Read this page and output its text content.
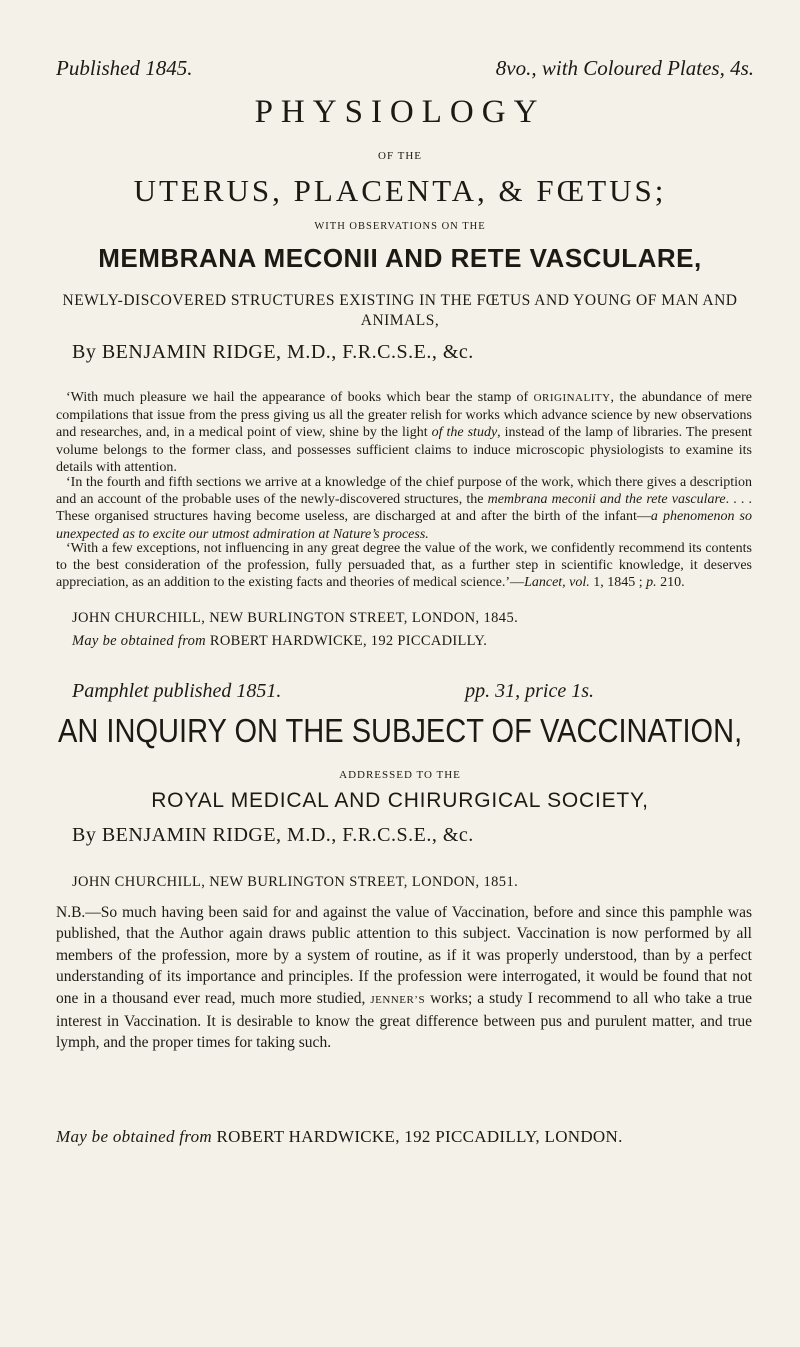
Published 1845.	8vo., with Coloured Plates, 4s.
PHYSIOLOGY
OF THE
UTERUS, PLACENTA, & FŒTUS;
WITH OBSERVATIONS ON THE
MEMBRANA MECONII AND RETE VASCULARE,
NEWLY-DISCOVERED STRUCTURES EXISTING IN THE FŒTUS AND YOUNG OF MAN AND ANIMALS,
By BENJAMIN RIDGE, M.D., F.R.C.S.E., &c.

‘With much pleasure we hail the appearance of books which bear the stamp of ORIGINALITY, the abundance of mere compilations that issue from the press giving us all the greater relish for works which advance science by new observations and researches, and, in a medical point of view, shine by the light of the study, instead of the lamp of libraries. The present volume belongs to the former class, and possesses sufficient claims to induce microscopic physiologists to examine its details with attention.

‘In the fourth and fifth sections we arrive at a knowledge of the chief purpose of the work, which there gives a description and an account of the probable uses of the newly-discovered structures, the membrana meconii and the rete vasculare. . . . These organised structures having become useless, are discharged at and after the birth of the infant—a phenomenon so unexpected as to excite our utmost admiration at Nature’s process.

‘With a few exceptions, not influencing in any great degree the value of the work, we confidently recommend its contents to the best consideration of the profession, fully persuaded that, as a further step in scientific knowledge, it deserves appreciation, as an addition to the existing facts and theories of medical science.’—Lancet, vol. 1, 1845 ; p. 210.

JOHN CHURCHILL, NEW BURLINGTON STREET, LONDON, 1845.
May be obtained from ROBERT HARDWICKE, 192 PICCADILLY.
Pamphlet published 1851.	pp. 31, price 1s.
AN INQUIRY ON THE SUBJECT OF VACCINATION,
ADDRESSED TO THE
ROYAL MEDICAL AND CHIRURGICAL SOCIETY,
By BENJAMIN RIDGE, M.D., F.R.C.S.E., &c.
JOHN CHURCHILL, NEW BURLINGTON STREET, LONDON, 1851.

N.B.—So much having been said for and against the value of Vaccination, before and since this pamphle was published, that the Author again draws public attention to this subject. Vaccination is now performed by all members of the profession, more by a system of routine, as if it was properly understood, than by a perfect understanding of its importance and principles. If the profession were interrogated, it would be found that not one in a thousand ever read, much more studied, JENNER’S works; a study I recommend to all who take a true interest in Vaccination. It is desirable to know the great difference between pus and purulent matter, and true lymph, and the proper times for taking such.

May be obtained from ROBERT HARDWICKE, 192 PICCADILLY, LONDON.
